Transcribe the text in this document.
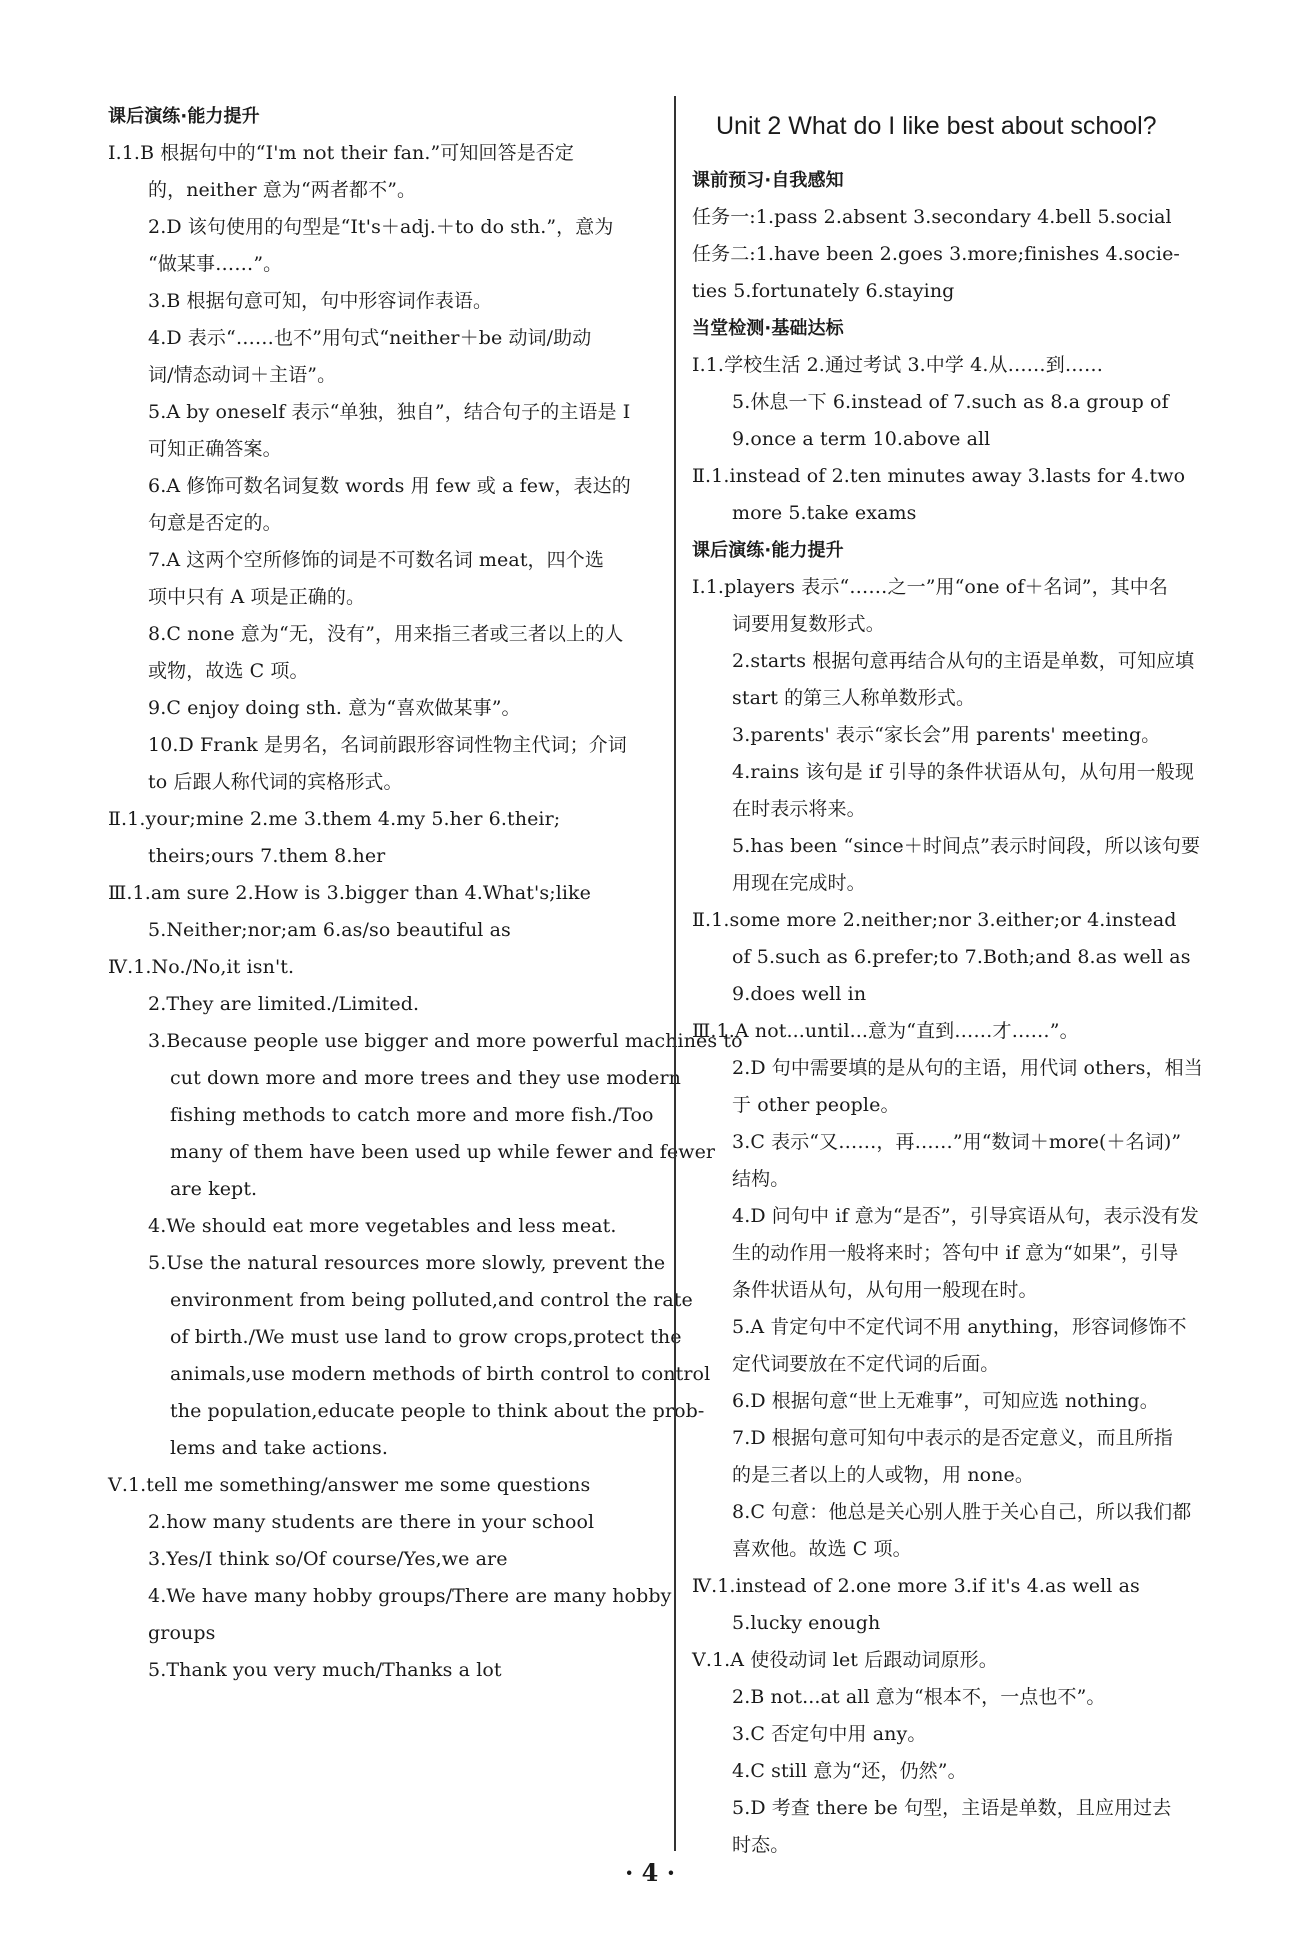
课后演练·能力提升
Ⅰ.1.B 根据句中的“I'm not their fan.”可知回答是否定
的，neither 意为“两者都不”。
2.D 该句使用的句型是“It's＋adj.＋to do sth.”，意为
“做某事……”。
3.B 根据句意可知，句中形容词作表语。
4.D 表示“……也不”用句式“neither＋be 动词/助动
词/情态动词＋主语”。
5.A by oneself 表示“单独，独自”，结合句子的主语是 I
可知正确答案。
6.A 修饰可数名词复数 words 用 few 或 a few，表达的
句意是否定的。
7.A 这两个空所修饰的词是不可数名词 meat，四个选
项中只有 A 项是正确的。
8.C none 意为“无，没有”，用来指三者或三者以上的人
或物，故选 C 项。
9.C enjoy doing sth. 意为“喜欢做某事”。
10.D Frank 是男名，名词前跟形容词性物主代词；介词
to 后跟人称代词的宾格形式。
Ⅱ.1.your;mine 2.me 3.them 4.my 5.her 6.their;
theirs;ours 7.them 8.her
Ⅲ.1.am sure 2.How is 3.bigger than 4.What's;like
5.Neither;nor;am 6.as/so beautiful as
Ⅳ.1.No./No,it isn't.
2.They are limited./Limited.
3.Because people use bigger and more powerful machines to
cut down more and more trees and they use modern
fishing methods to catch more and more fish./Too
many of them have been used up while fewer and fewer
are kept.
4.We should eat more vegetables and less meat.
5.Use the natural resources more slowly, prevent the
environment from being polluted,and control the rate
of birth./We must use land to grow crops,protect the
animals,use modern methods of birth control to control
the population,educate people to think about the prob-
lems and take actions.
Ⅴ.1.tell me something/answer me some questions
2.how many students are there in your school
3.Yes/I think so/Of course/Yes,we are
4.We have many hobby groups/There are many hobby
groups
5.Thank you very much/Thanks a lot
Unit 2 What do I like best about school?
课前预习·自我感知
任务一:1.pass 2.absent 3.secondary 4.bell 5.social
任务二:1.have been 2.goes 3.more;finishes 4.socie-
ties 5.fortunately 6.staying
当堂检测·基础达标
Ⅰ.1.学校生活 2.通过考试 3.中学 4.从……到……
5.休息一下 6.instead of 7.such as 8.a group of
9.once a term 10.above all
Ⅱ.1.instead of 2.ten minutes away 3.lasts for 4.two
more 5.take exams
课后演练·能力提升
Ⅰ.1.players 表示“……之一”用“one of＋名词”，其中名
词要用复数形式。
2.starts 根据句意再结合从句的主语是单数，可知应填
start 的第三人称单数形式。
3.parents' 表示“家长会”用 parents' meeting。
4.rains 该句是 if 引导的条件状语从句，从句用一般现
在时表示将来。
5.has been “since＋时间点”表示时间段，所以该句要
用现在完成时。
Ⅱ.1.some more 2.neither;nor 3.either;or 4.instead
of 5.such as 6.prefer;to 7.Both;and 8.as well as
9.does well in
Ⅲ.1.A not...until...意为“直到……才……”。
2.D 句中需要填的是从句的主语，用代词 others，相当
于 other people。
3.C 表示“又……，再……”用“数词＋more(＋名词)”
结构。
4.D 问句中 if 意为“是否”，引导宾语从句，表示没有发
生的动作用一般将来时；答句中 if 意为“如果”，引导
条件状语从句，从句用一般现在时。
5.A 肯定句中不定代词不用 anything，形容词修饰不
定代词要放在不定代词的后面。
6.D 根据句意“世上无难事”，可知应选 nothing。
7.D 根据句意可知句中表示的是否定意义，而且所指
的是三者以上的人或物，用 none。
8.C 句意：他总是关心别人胜于关心自己，所以我们都
喜欢他。故选 C 项。
Ⅳ.1.instead of 2.one more 3.if it's 4.as well as
5.lucky enough
Ⅴ.1.A 使役动词 let 后跟动词原形。
2.B not...at all 意为“根本不，一点也不”。
3.C 否定句中用 any。
4.C still 意为“还，仍然”。
5.D 考查 there be 句型，主语是单数，且应用过去
时态。
· 4 ·
